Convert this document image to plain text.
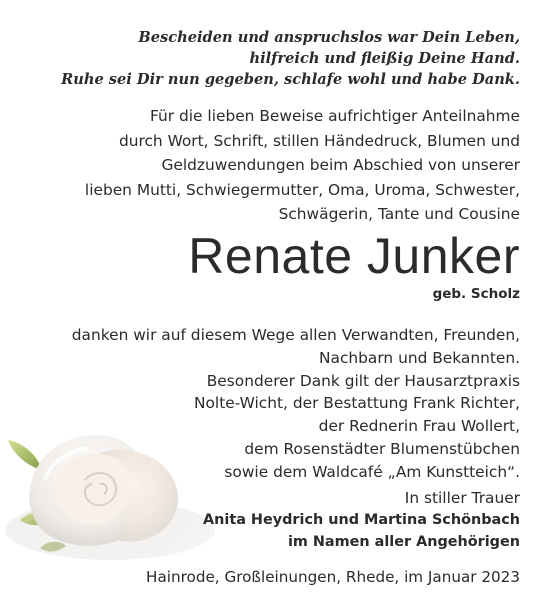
Bescheiden und anspruchslos war Dein Leben,
hilfreich und fleißig Deine Hand.
Ruhe sei Dir nun gegeben, schlafe wohl und habe Dank.
Für die lieben Beweise aufrichtiger Anteilnahme
durch Wort, Schrift, stillen Händedruck, Blumen und
Geldzuwendungen beim Abschied von unserer
lieben Mutti, Schwiegermutter, Oma, Uroma, Schwester,
Schwägerin, Tante und Cousine
Renate Junker
geb. Scholz
danken wir auf diesem Wege allen Verwandten, Freunden,
Nachbarn und Bekannten.
Besonderer Dank gilt der Hausarztpraxis
Nolte-Wicht, der Bestattung Frank Richter,
der Rednerin Frau Wollert,
dem Rosenstädter Blumenstübchen
sowie dem Waldcafé „Am Kunstteich“.
In stiller Trauer
Anita Heydrich und Martina Schönbach
im Namen aller Angehörigen
Hainrode, Großleinungen, Rhede, im Januar 2023
